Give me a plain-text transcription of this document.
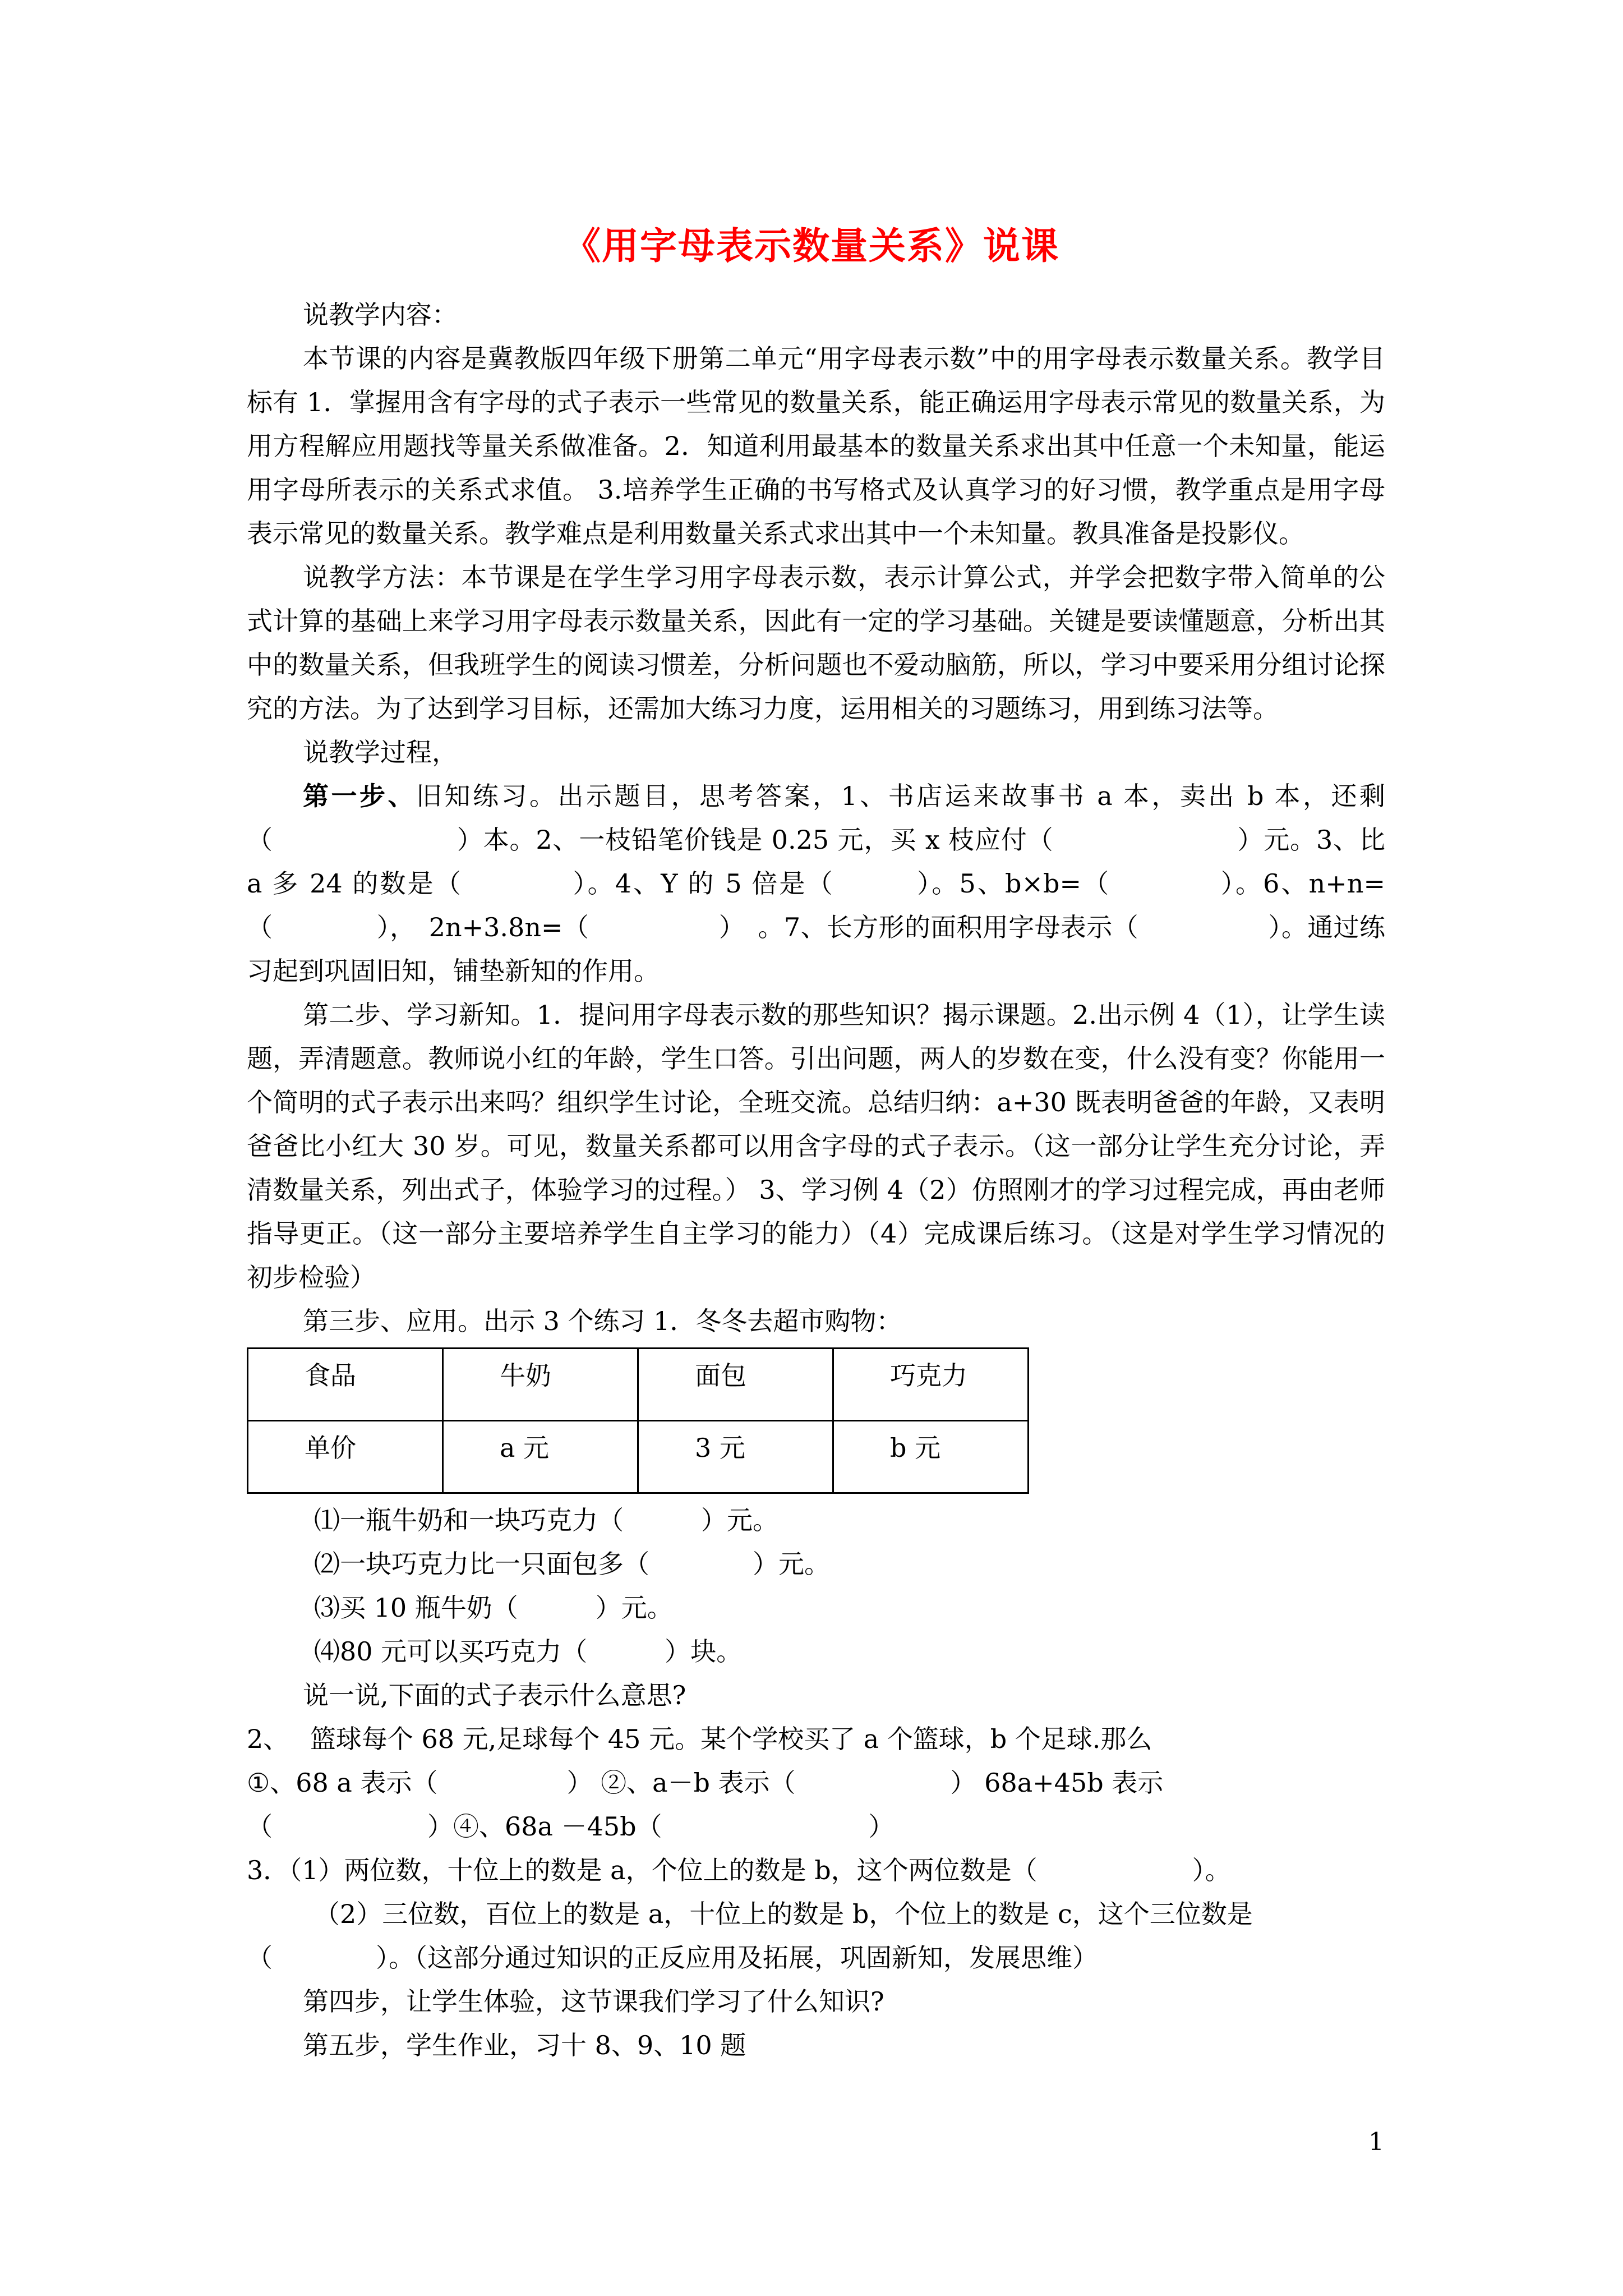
《用字母表示数量关系》说课

说教学内容：

本节课的内容是冀教版四年级下册第二单元“用字母表示数”中的用字母表示数量关系。教学目标有 1．掌握用含有字母的式子表示一些常见的数量关系，能正确运用字母表示常见的数量关系，为用方程解应用题找等量关系做准备。2．知道利用最基本的数量关系求出其中任意一个未知量，能运用字母所表示的关系式求值。 3.培养学生正确的书写格式及认真学习的好习惯，教学重点是用字母表示常见的数量关系。教学难点是利用数量关系式求出其中一个未知量。教具准备是投影仪。

说教学方法：本节课是在学生学习用字母表示数，表示计算公式，并学会把数字带入简单的公式计算的基础上来学习用字母表示数量关系，因此有一定的学习基础。关键是要读懂题意，分析出其中的数量关系，但我班学生的阅读习惯差，分析问题也不爱动脑筋，所以，学习中要采用分组讨论探究的方法。为了达到学习目标，还需加大练习力度，运用相关的习题练习，用到练习法等。

说教学过程，

第一步、旧知练习。出示题目，思考答案，1、书店运来故事书 a 本，卖出 b 本，还剩（　　　　　　　）本。2、一枝铅笔价钱是 0.25 元，买 x 枝应付（　　　　　　　）元。3、比 a 多 24 的数是（　　　　）。4、Y 的 5 倍是（　　　）。5、b×b=（　　　　）。6、n+n=（　　　　），　2n+3.8n=（　　　　　）　。7、长方形的面积用字母表示（　　　　　）。通过练习起到巩固旧知，铺垫新知的作用。

第二步、学习新知。1．提问用字母表示数的那些知识？揭示课题。2.出示例 4（1），让学生读题，弄清题意。教师说小红的年龄，学生口答。引出问题，两人的岁数在变，什么没有变？你能用一个简明的式子表示出来吗？组织学生讨论，全班交流。总结归纳：a+30 既表明爸爸的年龄，又表明爸爸比小红大 30 岁。可见，数量关系都可以用含字母的式子表示。（这一部分让学生充分讨论，弄清数量关系，列出式子，体验学习的过程。） 3、学习例 4（2）仿照刚才的学习过程完成，再由老师指导更正。（这一部分主要培养学生自主学习的能力）（4）完成课后练习。（这是对学生学习情况的初步检验）

第三步、应用。出示 3 个练习 1．冬冬去超市购物：

食品	牛奶	面包	巧克力
单价	a 元	3 元	b 元

⑴一瓶牛奶和一块巧克力（　　　）元。

⑵一块巧克力比一只面包多（　　　　）元。

⑶买 10 瓶牛奶（　　　）元。

⑷80 元可以买巧克力（　　　）块。

说一说,下面的式子表示什么意思?

2、　 篮球每个 68 元,足球每个 45 元。某个学校买了 a 个篮球，b 个足球.那么

①、68 a 表示（　　　　　） ②、a－b 表示（　　　　　　） 68a+45b 表示

（　　　　　　）④、68a －45b（　　　　　　　　）

3．（1）两位数，十位上的数是 a，个位上的数是 b，这个两位数是（　　　　　　）。

（2）三位数，百位上的数是 a，十位上的数是 b，个位上的数是 c，这个三位数是

（　　　　）。（这部分通过知识的正反应用及拓展，巩固新知，发展思维）

第四步，让学生体验，这节课我们学习了什么知识?

第五步，学生作业，习十 8、9、10 题

1
